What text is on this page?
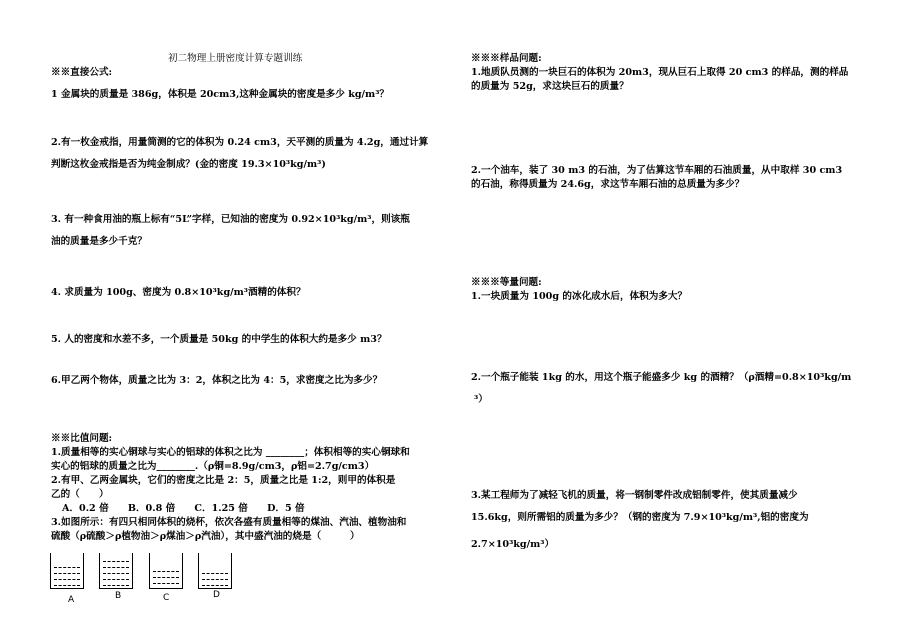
初二物理上册密度计算专题训练
※※直接公式:
1 金属块的质量是 386g，体积是 20cm3,这种金属块的密度是多少 kg/m³？
2.有一枚金戒指，用量筒测的它的体积为 0.24 cm3，天平测的质量为 4.2g，通过计算
判断这枚金戒指是否为纯金制成？(金的密度 19.3×10³kg/m³)
3. 有一种食用油的瓶上标有“5L”字样，已知油的密度为 0.92×10³kg/m³，则该瓶
油的质量是多少千克？
4. 求质量为 100g、密度为 0.8×10³kg/m³酒精的体积？
5. 人的密度和水差不多，一个质量是 50kg 的中学生的体积大约是多少 m3？
6.甲乙两个物体，质量之比为 3：2，体积之比为 4：5，求密度之比为多少？
※※比值问题:
1.质量相等的实心铜球与实心的铝球的体积之比为 ________；体积相等的实心铜球和
实心的铝球的质量之比为________.（ρ铜=8.9g/cm3，ρ铝=2.7g/cm3）
2.有甲、乙两金属块，它们的密度之比是 2：5，质量之比是 1:2，则甲的体积是
乙的（　　）
A．0.2 倍　　B．0.8 倍　　C．1.25 倍　　D．5 倍
3.如图所示：有四只相同体积的烧杯，依次各盛有质量相等的煤油、汽油、植物油和
硫酸（ρ硫酸＞ρ植物油＞ρ煤油＞ρ汽油），其中盛汽油的烧是（　　　）
A	B	C	D
※※※样品问题:
1.地质队员测的一块巨石的体积为 20m3，现从巨石上取得 20 cm3 的样品，测的样品
的质量为 52g，求这块巨石的质量？
2.一个油车，装了 30 m3 的石油，为了估算这节车厢的石油质量，从中取样 30 cm3
的石油，称得质量为 24.6g，求这节车厢石油的总质量为多少？
※※※等量问题:
1.一块质量为 100g 的冰化成水后，体积为多大？
2.一个瓶子能装 1kg 的水，用这个瓶子能盛多少 kg 的酒精？（ρ酒精=0.8×10³kg/m
³）
3.某工程师为了减轻飞机的质量，将一钢制零件改成铝制零件，使其质量减少
15.6kg，则所需铝的质量为多少？（钢的密度为 7.9×10³kg/m³,铝的密度为
2.7×10³kg/m³）
